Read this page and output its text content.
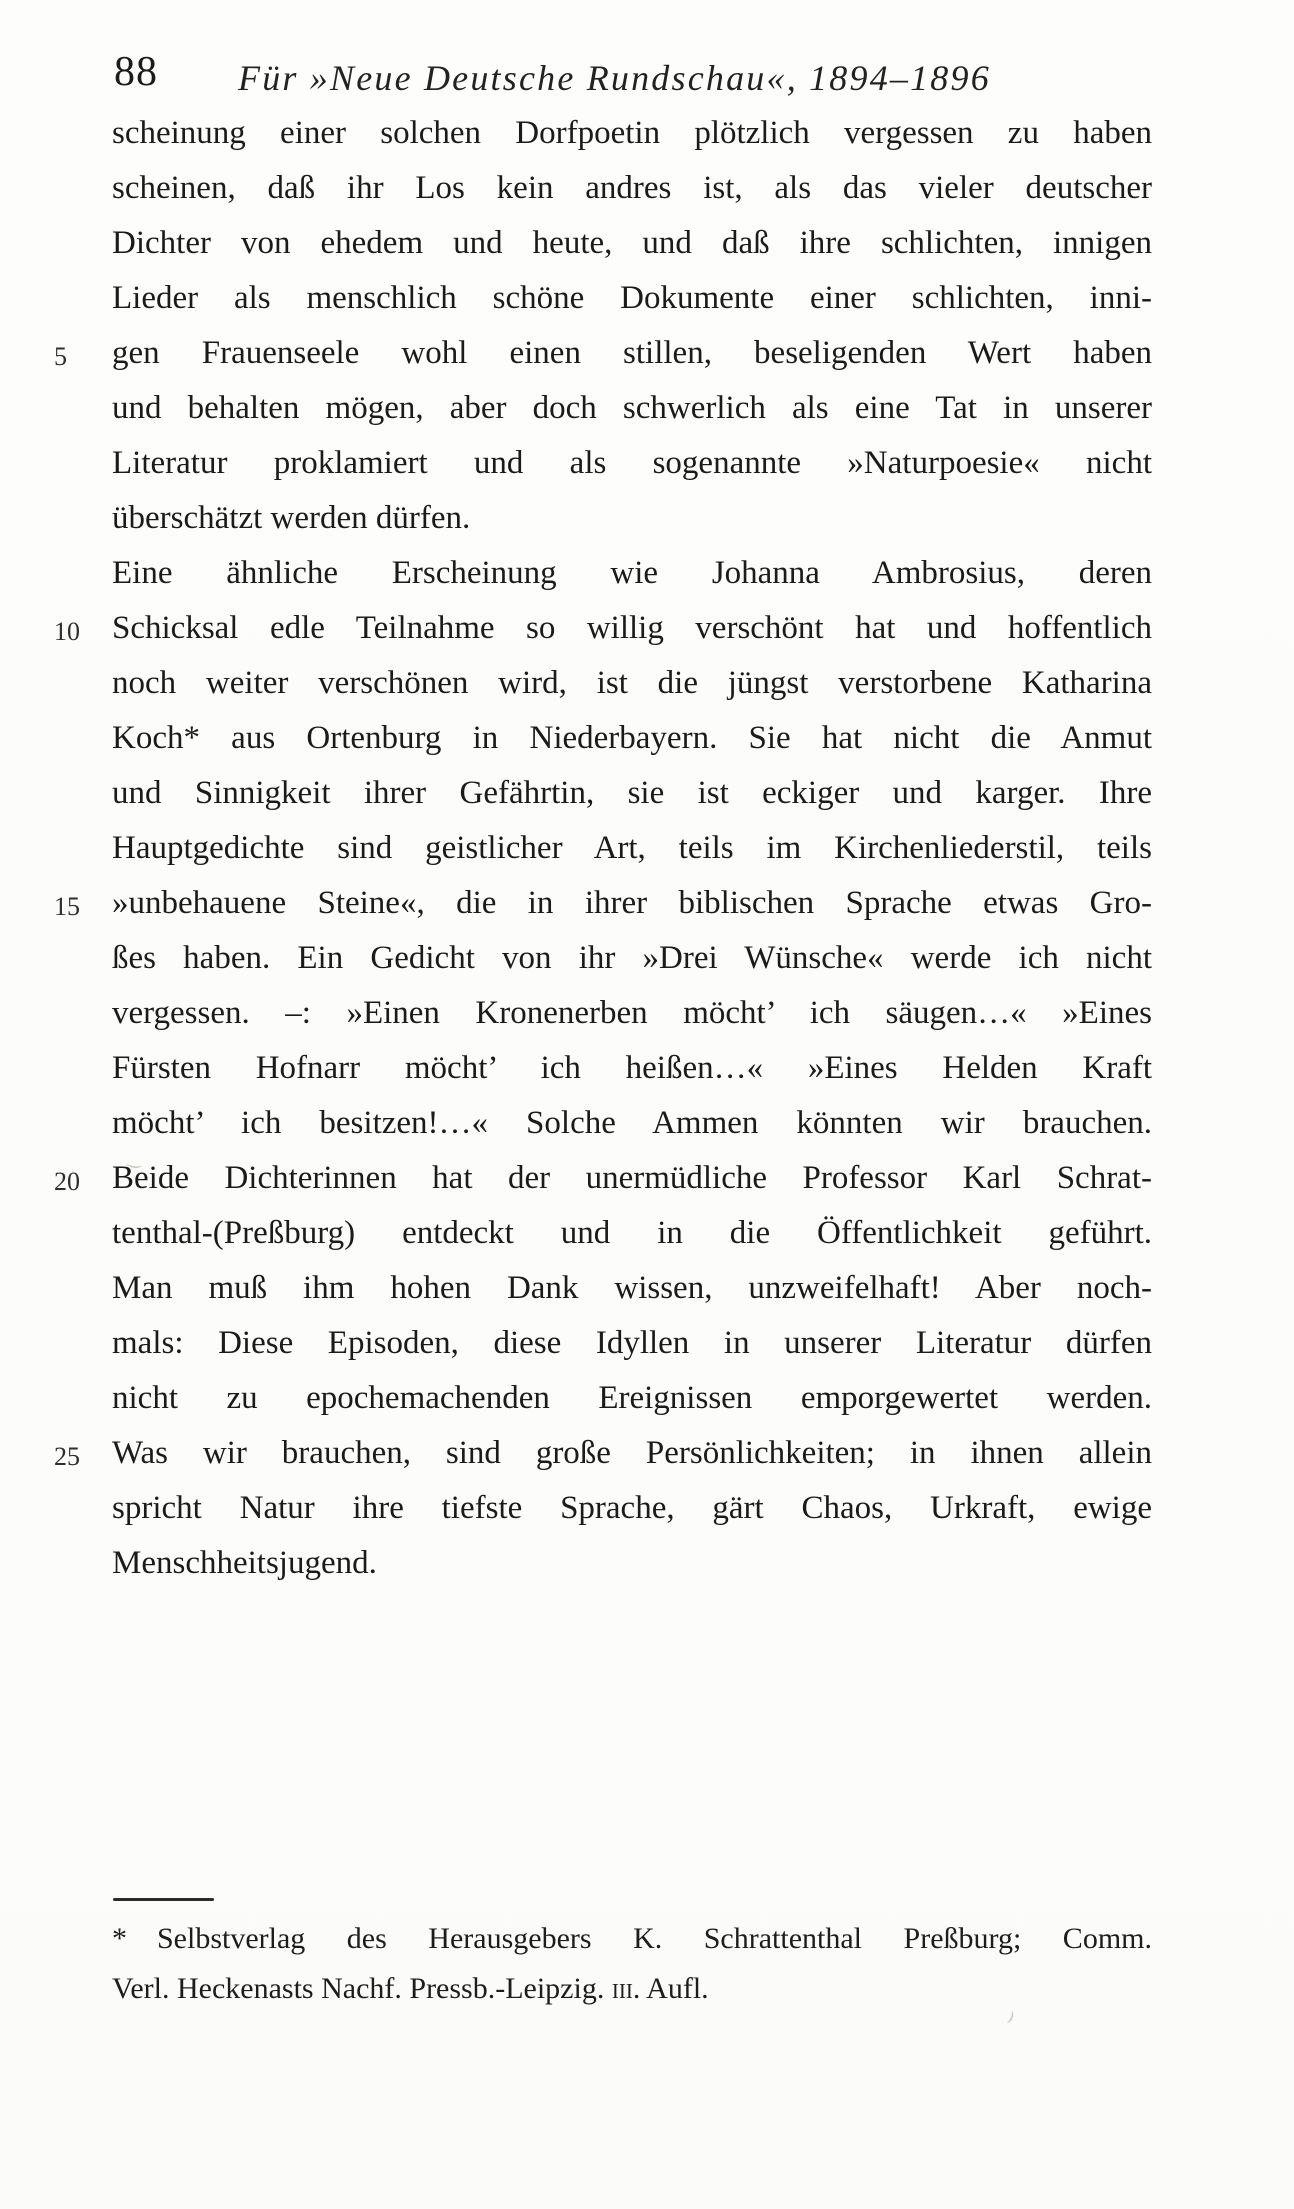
88 Für »Neue Deutsche Rundschau«, 1894–1896
scheinung einer solchen Dorfpoetin plötzlich vergessen zu haben
scheinen, daß ihr Los kein andres ist, als das vieler deutscher
Dichter von ehedem und heute, und daß ihre schlichten, innigen
Lieder als menschlich schöne Dokumente einer schlichten, inni-
5	gen Frauenseele wohl einen stillen, beseligenden Wert haben
und behalten mögen, aber doch schwerlich als eine Tat in unserer
Literatur proklamiert und als sogenannte »Naturpoesie« nicht
überschätzt werden dürfen.
Eine ähnliche Erscheinung wie Johanna Ambrosius, deren
10 Schicksal edle Teilnahme so willig verschönt hat und hoffentlich
noch weiter verschönen wird, ist die jüngst verstorbene Katharina
Koch* aus Ortenburg in Niederbayern. Sie hat nicht die Anmut
und Sinnigkeit ihrer Gefährtin, sie ist eckiger und karger. Ihre
Hauptgedichte sind geistlicher Art, teils im Kirchenliederstil, teils
15 »unbehauene Steine«, die in ihrer biblischen Sprache etwas Gro-
ßes haben. Ein Gedicht von ihr »Drei Wünsche« werde ich nicht
vergessen. –: »Einen Kronenerben möcht’ ich säugen…« »Eines
Fürsten Hofnarr möcht’ ich heißen…« »Eines Helden Kraft
möcht’ ich besitzen!…« Solche Ammen könnten wir brauchen.
20 Beide Dichterinnen hat der unermüdliche Professor Karl Schrat-
tenthal-(Preßburg) entdeckt und in die Öffentlichkeit geführt.
Man muß ihm hohen Dank wissen, unzweifelhaft! Aber noch-
mals: Diese Episoden, diese Idyllen in unserer Literatur dürfen
nicht zu epochemachenden Ereignissen emporgewertet werden.
25 Was wir brauchen, sind große Persönlichkeiten; in ihnen allein
spricht Natur ihre tiefste Sprache, gärt Chaos, Urkraft, ewige
Menschheitsjugend.
* Selbstverlag des Herausgebers K. Schrattenthal Preßburg; Comm.
Verl. Heckenasts Nachf. Pressb.-Leipzig. iii. Aufl.
